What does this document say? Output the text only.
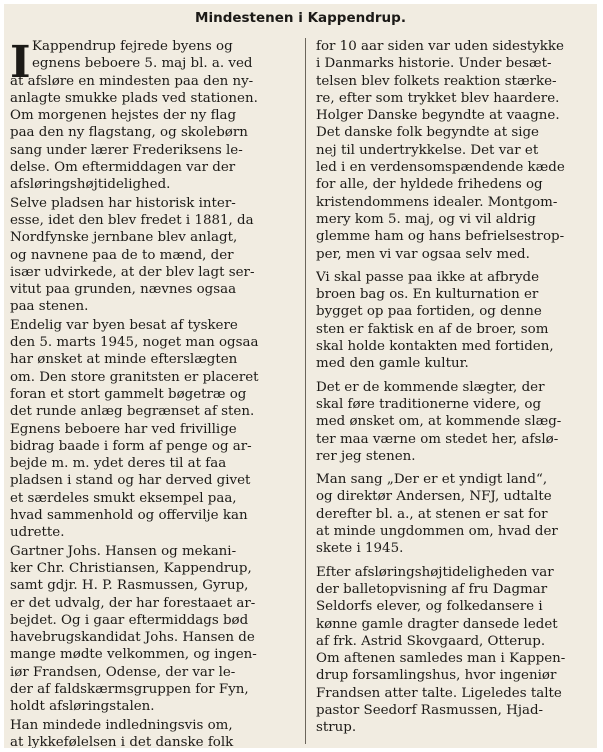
Mindestenen i Kappendrup.
I Kappendrup fejrede byens og
egnens beboere 5. maj bl. a. ved
at afsløre en mindesten paa den ny-
anlagte smukke plads ved stationen.
Om morgenen hejstes der ny flag
paa den ny flagstang, og skolebørn
sang under lærer Frederiksens le-
delse. Om eftermiddagen var der
afsløringshøjtidelighed.
Selve pladsen har historisk inter-
esse, idet den blev fredet i 1881, da
Nordfynske jernbane blev anlagt,
og navnene paa de to mænd, der
især udvirkede, at der blev lagt ser-
vitut paa grunden, nævnes ogsaa
paa stenen.
Endelig var byen besat af tyskere
den 5. marts 1945, noget man ogsaa
har ønsket at minde efterslægten
om. Den store granitsten er placeret
foran et stort gammelt bøgetræ og
det runde anlæg begrænset af sten.
Egnens beboere har ved frivillige
bidrag baade i form af penge og ar-
bejde m. m. ydet deres til at faa
pladsen i stand og har derved givet
et særdeles smukt eksempel paa,
hvad sammenhold og offervilje kan
udrette.
Gartner Johs. Hansen og mekani-
ker Chr. Christiansen, Kappendrup,
samt gdjr. H. P. Rasmussen, Gyrup,
er det udvalg, der har forestaaet ar-
bejdet. Og i gaar eftermiddags bød
havebrugskandidat Johs. Hansen de
mange mødte velkommen, og ingen-
iør Frandsen, Odense, der var le-
der af faldskærmsgruppen for Fyn,
holdt afsløringstalen.
Han mindede indledningsvis om,
at lykkefølelsen i det danske folk
for 10 aar siden var uden sidestykke
i Danmarks historie. Under besæt-
telsen blev folkets reaktion stærke-
re, efter som trykket blev haardere.
Holger Danske begyndte at vaagne.
Det danske folk begyndte at sige
nej til undertrykkelse. Det var et
led i en verdensomspændende kæde
for alle, der hyldede frihedens og
kristendommens idealer. Montgom-
mery kom 5. maj, og vi vil aldrig
glemme ham og hans befrielsestrop-
per, men vi var ogsaa selv med.
Vi skal passe paa ikke at afbryde
broen bag os. En kulturnation er
bygget op paa fortiden, og denne
sten er faktisk en af de broer, som
skal holde kontakten med fortiden,
med den gamle kultur.
Det er de kommende slægter, der
skal føre traditionerne videre, og
med ønsket om, at kommende slæg-
ter maa værne om stedet her, afslø-
rer jeg stenen.
Man sang „Der er et yndigt land“,
og direktør Andersen, NFJ, udtalte
derefter bl. a., at stenen er sat for
at minde ungdommen om, hvad der
skete i 1945.
Efter afsløringshøjtideligheden var
der balletopvisning af fru Dagmar
Seldorfs elever, og folkedansere i
kønne gamle dragter dansede ledet
af frk. Astrid Skovgaard, Otterup.
Om aftenen samledes man i Kappen-
drup forsamlingshus, hvor ingeniør
Frandsen atter talte. Ligeledes talte
pastor Seedorf Rasmussen, Hjad-
strup.
